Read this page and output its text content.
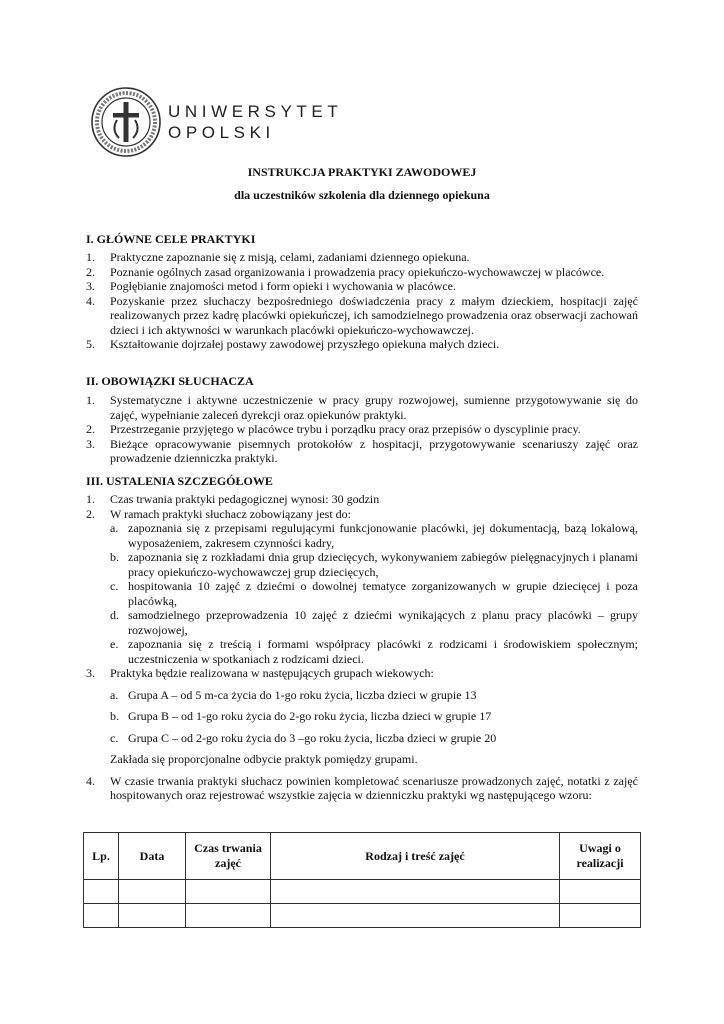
UNIWERSYTET
OPOLSKI
INSTRUKCJA PRAKTYKI ZAWODOWEJ
dla uczestników szkolenia dla dziennego opiekuna
I. GŁÓWNE CELE PRAKTYKI
1. Praktyczne zapoznanie się z misją, celami, zadaniami dziennego opiekuna.
2. Poznanie ogólnych zasad organizowania i prowadzenia pracy opiekuńczo-wychowawczej w placówce.
3. Pogłębianie znajomości metod i form opieki i wychowania w placówce.
4. Pozyskanie przez słuchaczy bezpośredniego doświadczenia pracy z małym dzieckiem, hospitacji zajęć realizowanych przez kadrę placówki opiekuńczej, ich samodzielnego prowadzenia oraz obserwacji zachowań dzieci i ich aktywności w warunkach placówki opiekuńczo-wychowawczej.
5. Kształtowanie dojrzałej postawy zawodowej przyszłego opiekuna małych dzieci.
II. OBOWIĄZKI SŁUCHACZA
1. Systematyczne i aktywne uczestniczenie w pracy grupy rozwojowej, sumienne przygotowywanie się do zajęć, wypełnianie zaleceń dyrekcji oraz opiekunów praktyki.
2. Przestrzeganie przyjętego w placówce trybu i porządku pracy oraz przepisów o dyscyplinie pracy.
3. Bieżące opracowywanie pisemnych protokołów z hospitacji, przygotowywanie scenariuszy zajęć oraz prowadzenie dzienniczka praktyki.
III. USTALENIA SZCZEGÓŁOWE
1. Czas trwania praktyki pedagogicznej wynosi: 30 godzin
2. W ramach praktyki słuchacz zobowiązany jest do:
a. zapoznania się z przepisami regulującymi funkcjonowanie placówki, jej dokumentacją, bazą lokalową, wyposażeniem, zakresem czynności kadry,
b. zapoznania się z rozkładami dnia grup dziecięcych, wykonywaniem zabiegów pielęgnacyjnych i planami pracy opiekuńczo-wychowawczej grup dziecięcych,
c. hospitowania 10 zajęć z dziećmi o dowolnej tematyce zorganizowanych w grupie dziecięcej i poza placówką,
d. samodzielnego przeprowadzenia 10 zajęć z dziećmi wynikających z planu pracy placówki – grupy rozwojowej,
e. zapoznania się z treścią i formami współpracy placówki z rodzicami i środowiskiem społecznym; uczestniczenia w spotkaniach z rodzicami dzieci.
3. Praktyka będzie realizowana w następujących grupach wiekowych:
a. Grupa A – od 5 m-ca życia do 1-go roku życia, liczba dzieci w grupie 13
b. Grupa B – od 1-go roku życia do 2-go roku życia, liczba dzieci w grupie 17
c. Grupa C – od 2-go roku życia do 3 –go roku życia, liczba dzieci w grupie 20
Zakłada się proporcjonalne odbycie praktyk pomiędzy grupami.
4. W czasie trwania praktyki słuchacz powinien kompletować scenariusze prowadzonych zajęć, notatki z zajęć hospitowanych oraz rejestrować wszystkie zajęcia w dzienniczku praktyki wg następującego wzoru:
Lp.	Data	Czas trwania zajęć	Rodzaj i treść zajęć	Uwagi o realizacji
